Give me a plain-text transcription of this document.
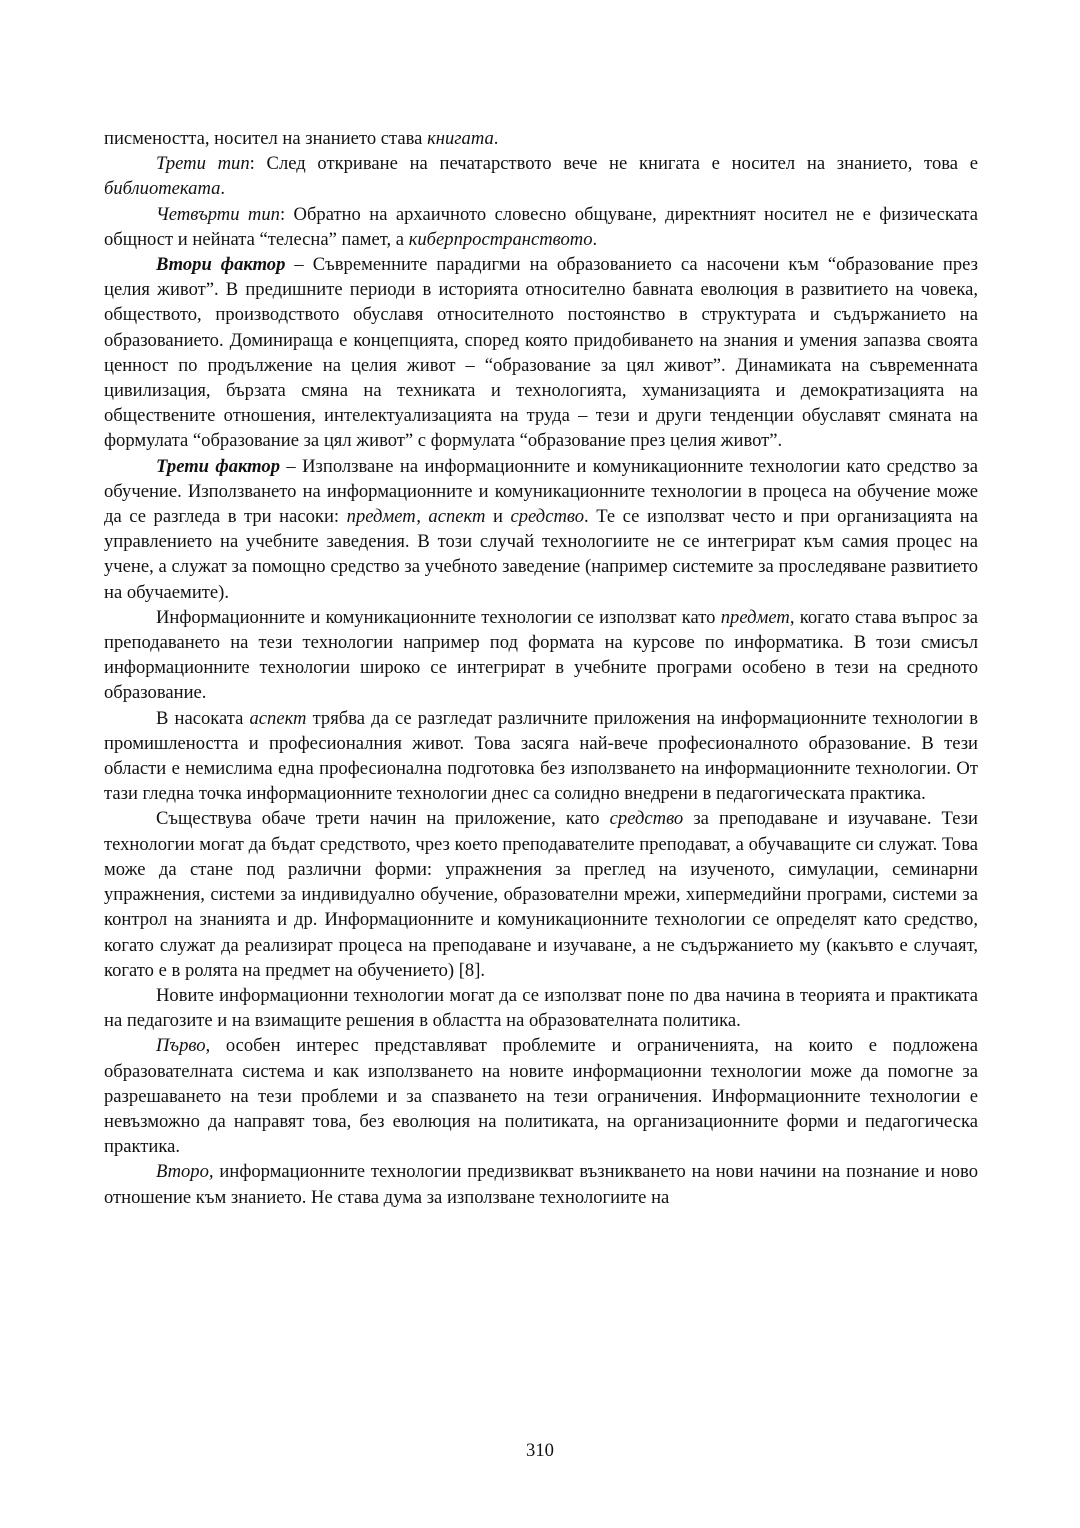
писмеността, носител на знанието става книгата.

Трети тип: След откриване на печатарството вече не книгата е носител на знанието, това е библиотеката.

Четвърти тип: Обратно на архаичното словесно общуване, директният носител не е физическата общност и нейната “телесна” памет, а киберпространството.

Втори фактор – Съвременните парадигми на образованието са насочени към “образование през целия живот”. В предишните периоди в историята относително бавната еволюция в развитието на човека, обществото, производството обуславя относителното постоянство в структурата и съдържанието на образованието. Доминираща е концепцията, според която придобиването на знания и умения запазва своята ценност по продължение на целия живот – “образование за цял живот”. Динамиката на съвременната цивилизация, бързата смяна на техниката и технологията, хуманизацията и демократизацията на обществените отношения, интелектуализацията на труда – тези и други тенденции обуславят смяната на формулата “образование за цял живот” с формулата “образование през целия живот”.

Трети фактор – Използване на информационните и комуникационните технологии като средство за обучение. Използването на информационните и комуникационните технологии в процеса на обучение може да се разгледа в три насоки: предмет, аспект и средство. Те се използват често и при организацията на управлението на учебните заведения. В този случай технологиите не се интегрират към самия процес на учене, а служат за помощно средство за учебното заведение (например системите за проследяване развитието на обучаемите).

Информационните и комуникационните технологии се използват като предмет, когато става въпрос за преподаването на тези технологии например под формата на курсове по информатика. В този смисъл информационните технологии широко се интегрират в учебните програми особено в тези на средното образование.

В насоката аспект трябва да се разгледат различните приложения на информационните технологии в промишлеността и професионалния живот. Това засяга най-вече профеcионалното образование. В тези области е немислима една професионална подготовка без използването на информационните технологии. От тази гледна точка информационните технологии днес са солидно внедрени в педагогическата практика.

Съществува обаче трети начин на приложение, като средство за преподаване и изучаване. Тези технологии могат да бъдат средството, чрез което преподавателите преподават, а обучаващите си служат. Това може да стане под различни форми: упражнения за преглед на изученото, симулации, семинарни упражнения, системи за индивидуално обучение, образователни мрежи, хипермедийни програми, системи за контрол на знанията и др. Информационните и комуникационните технологии се определят като средство, когато служат да реализират процеса на преподаване и изучаване, а не съдържанието му (какъвто е случаят, когато е в ролята на предмет на обучението) [8].

Новите информационни технологии могат да се използват поне по два начина в теорията и практиката на педагозите и на взимащите решения в областта на образователната политика.

Първо, особен интерес представляват проблемите и ограниченията, на които е подложена образователната система и как използването на новите информационни технологии може да помогне за разрешаването на тези проблеми и за спазването на тези ограничения. Информационните технологии е невъзможно да направят това, без еволюция на политиката, на организационните форми и педагогическа практика.

Второ, информационните технологии предизвикват възникването на нови начини на познание и ново отношение към знанието. Не става дума за използване технологиите на

310
